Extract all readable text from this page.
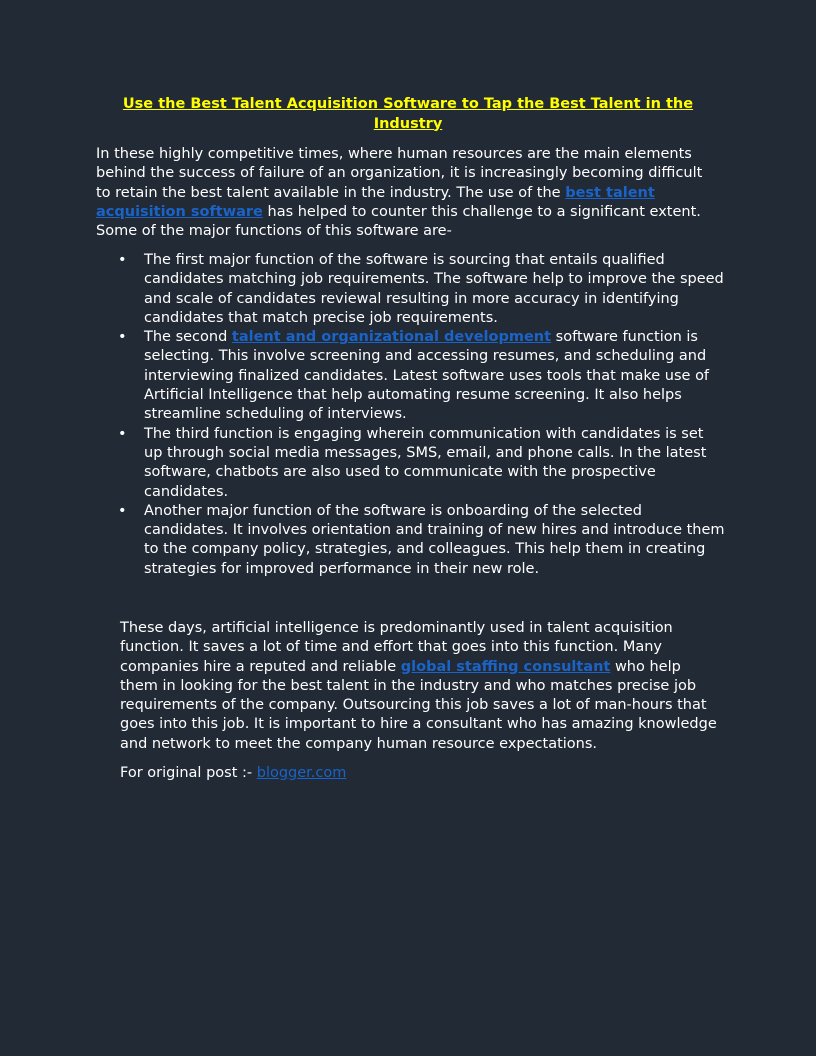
Use the Best Talent Acquisition Software to Tap the Best Talent in the Industry

In these highly competitive times, where human resources are the main elements behind the success of failure of an organization, it is increasingly becoming difficult to retain the best talent available in the industry. The use of the best talent acquisition software has helped to counter this challenge to a significant extent. Some of the major functions of this software are-

• The first major function of the software is sourcing that entails qualified candidates matching job requirements. The software help to improve the speed and scale of candidates reviewal resulting in more accuracy in identifying candidates that match precise job requirements.
• The second talent and organizational development software function is selecting. This involve screening and accessing resumes, and scheduling and interviewing finalized candidates. Latest software uses tools that make use of Artificial Intelligence that help automating resume screening. It also helps streamline scheduling of interviews.
• The third function is engaging wherein communication with candidates is set up through social media messages, SMS, email, and phone calls. In the latest software, chatbots are also used to communicate with the prospective candidates.
• Another major function of the software is onboarding of the selected candidates. It involves orientation and training of new hires and introduce them to the company policy, strategies, and colleagues. This help them in creating strategies for improved performance in their new role.

These days, artificial intelligence is predominantly used in talent acquisition function. It saves a lot of time and effort that goes into this function. Many companies hire a reputed and reliable global staffing consultant who help them in looking for the best talent in the industry and who matches precise job requirements of the company. Outsourcing this job saves a lot of man-hours that goes into this job. It is important to hire a consultant who has amazing knowledge and network to meet the company human resource expectations.

For original post :- blogger.com
